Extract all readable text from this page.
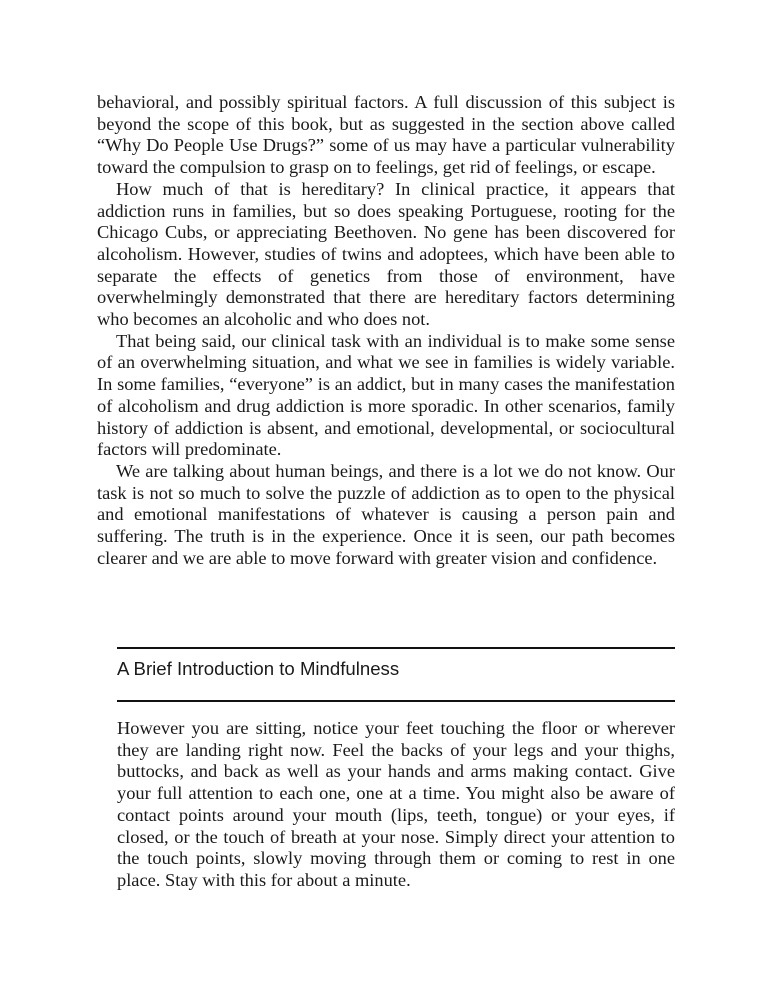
behavioral, and possibly spiritual factors. A full discussion of this subject is beyond the scope of this book, but as suggested in the section above called “Why Do People Use Drugs?” some of us may have a particular vulnerability toward the compulsion to grasp on to feelings, get rid of feelings, or escape.

How much of that is hereditary? In clinical practice, it appears that addiction runs in families, but so does speaking Portuguese, rooting for the Chicago Cubs, or appreciating Beethoven. No gene has been discovered for alcoholism. However, studies of twins and adoptees, which have been able to separate the effects of genetics from those of environment, have overwhelmingly demonstrated that there are hereditary factors determining who becomes an alcoholic and who does not.

That being said, our clinical task with an individual is to make some sense of an overwhelming situation, and what we see in families is widely variable. In some families, “everyone” is an addict, but in many cases the manifestation of alcoholism and drug addiction is more sporadic. In other scenarios, family history of addiction is absent, and emotional, developmental, or sociocultural factors will predominate.

We are talking about human beings, and there is a lot we do not know. Our task is not so much to solve the puzzle of addiction as to open to the physical and emotional manifestations of whatever is causing a person pain and suffering. The truth is in the experience. Once it is seen, our path becomes clearer and we are able to move forward with greater vision and confidence.

A Brief Introduction to Mindfulness

However you are sitting, notice your feet touching the floor or wherever they are landing right now. Feel the backs of your legs and your thighs, buttocks, and back as well as your hands and arms making contact. Give your full attention to each one, one at a time. You might also be aware of contact points around your mouth (lips, teeth, tongue) or your eyes, if closed, or the touch of breath at your nose. Simply direct your attention to the touch points, slowly moving through them or coming to rest in one place. Stay with this for about a minute.
